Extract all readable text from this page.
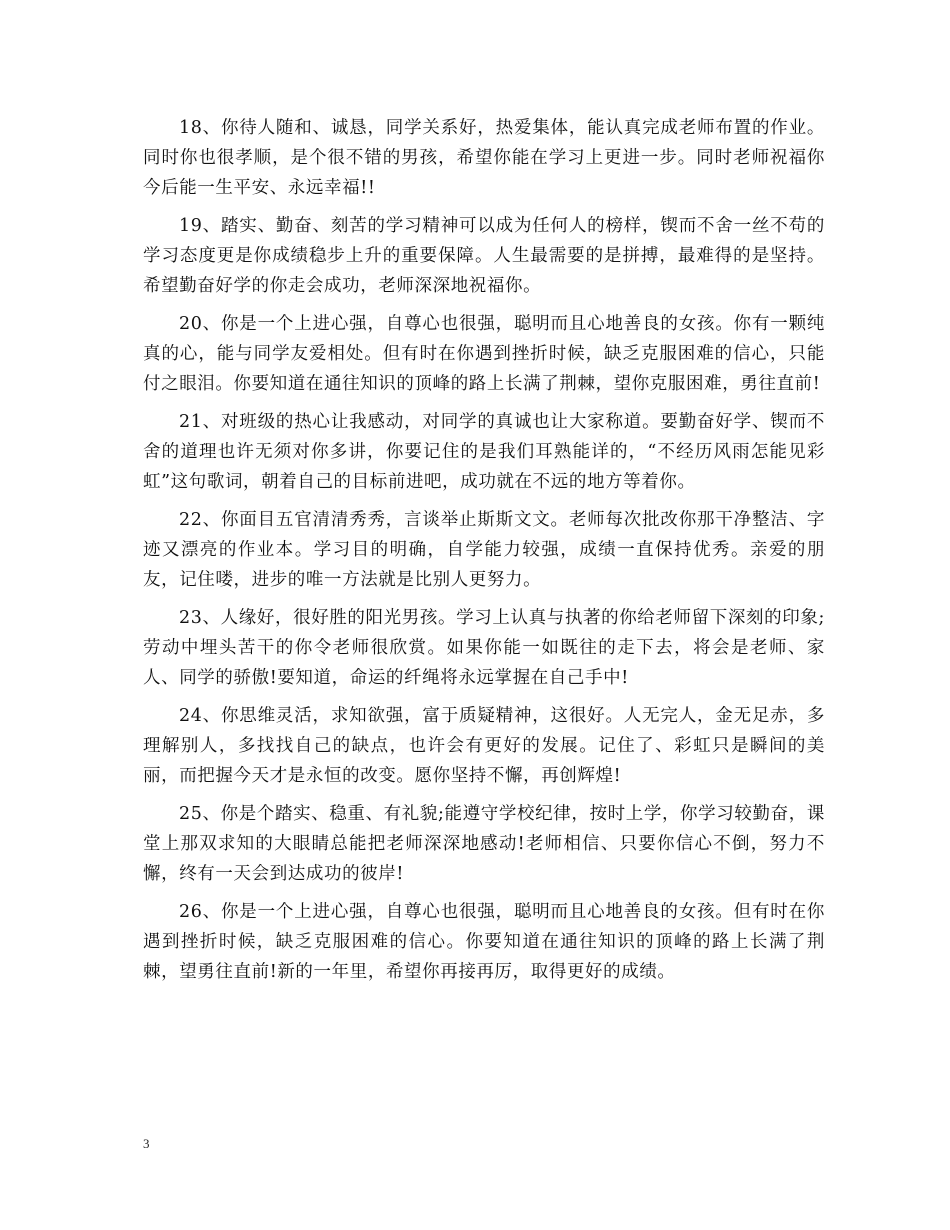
18、你待人随和、诚恳，同学关系好，热爱集体，能认真完成老师布置的作业。同时你也很孝顺，是个很不错的男孩，希望你能在学习上更进一步。同时老师祝福你今后能一生平安、永远幸福!!

19、踏实、勤奋、刻苦的学习精神可以成为任何人的榜样，锲而不舍一丝不苟的学习态度更是你成绩稳步上升的重要保障。人生最需要的是拼搏，最难得的是坚持。希望勤奋好学的你走会成功，老师深深地祝福你。

20、你是一个上进心强，自尊心也很强，聪明而且心地善良的女孩。你有一颗纯真的心，能与同学友爱相处。但有时在你遇到挫折时候，缺乏克服困难的信心，只能付之眼泪。你要知道在通往知识的顶峰的路上长满了荆棘，望你克服困难，勇往直前!

21、对班级的热心让我感动，对同学的真诚也让大家称道。要勤奋好学、锲而不舍的道理也许无须对你多讲，你要记住的是我们耳熟能详的，“不经历风雨怎能见彩虹”这句歌词，朝着自己的目标前进吧，成功就在不远的地方等着你。

22、你面目五官清清秀秀，言谈举止斯斯文文。老师每次批改你那干净整洁、字迹又漂亮的作业本。学习目的明确，自学能力较强，成绩一直保持优秀。亲爱的朋友，记住喽，进步的唯一方法就是比别人更努力。

23、人缘好，很好胜的阳光男孩。学习上认真与执著的你给老师留下深刻的印象;劳动中埋头苦干的你令老师很欣赏。如果你能一如既往的走下去，将会是老师、家人、同学的骄傲!要知道，命运的纤绳将永远掌握在自己手中!

24、你思维灵活，求知欲强，富于质疑精神，这很好。人无完人，金无足赤，多理解别人，多找找自己的缺点，也许会有更好的发展。记住了、彩虹只是瞬间的美丽，而把握今天才是永恒的改变。愿你坚持不懈，再创辉煌!

25、你是个踏实、稳重、有礼貌;能遵守学校纪律，按时上学，你学习较勤奋，课堂上那双求知的大眼睛总能把老师深深地感动!老师相信、只要你信心不倒，努力不懈，终有一天会到达成功的彼岸!

26、你是一个上进心强，自尊心也很强，聪明而且心地善良的女孩。但有时在你遇到挫折时候，缺乏克服困难的信心。你要知道在通往知识的顶峰的路上长满了荆棘，望勇往直前!新的一年里，希望你再接再厉，取得更好的成绩。

3
